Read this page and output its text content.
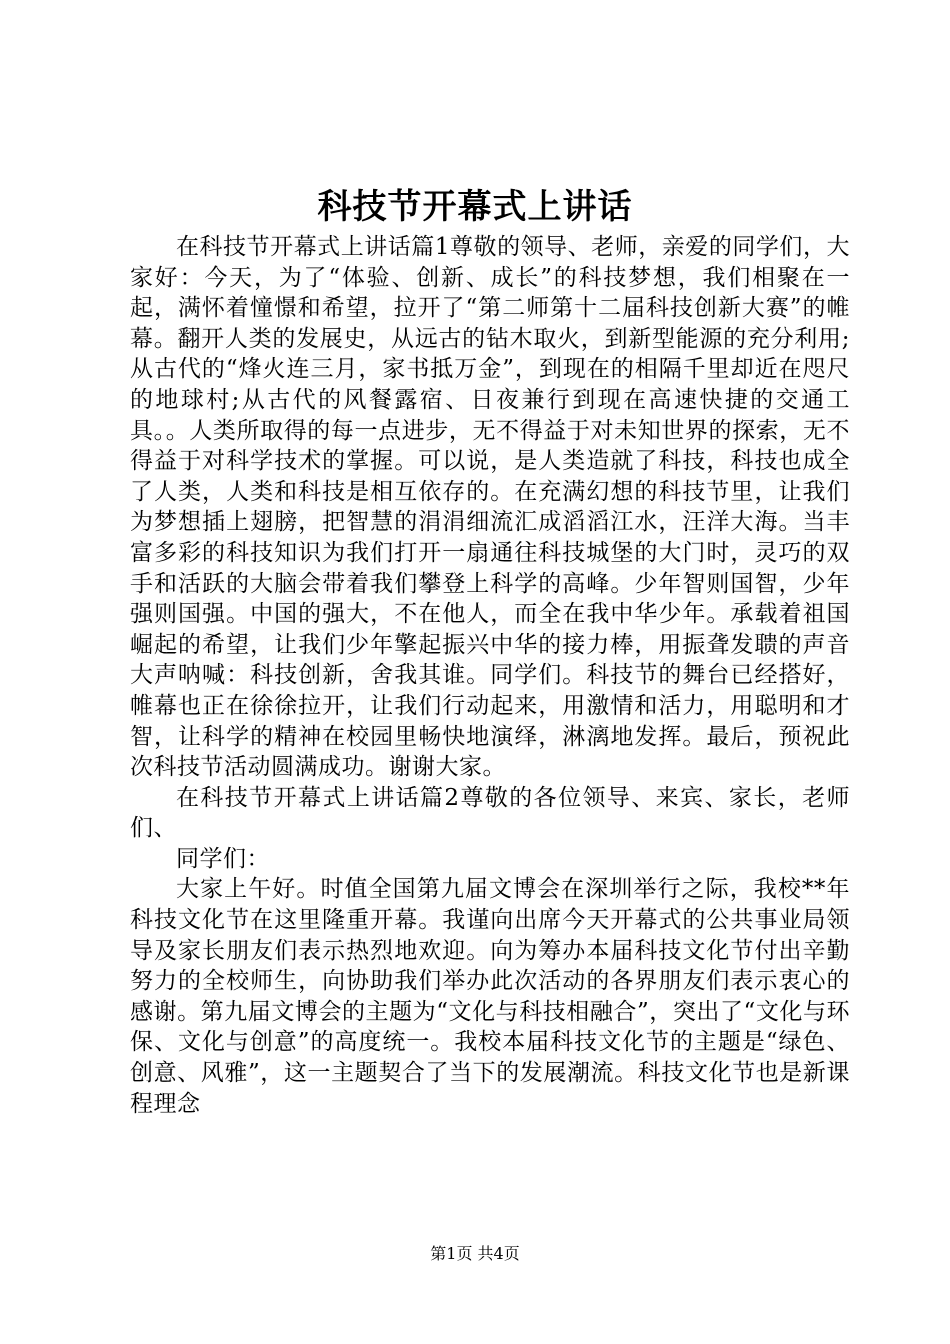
科技节开幕式上讲话

在科技节开幕式上讲话篇1尊敬的领导、老师，亲爱的同学们，大家好：今天，为了“体验、创新、成长”的科技梦想，我们相聚在一起，满怀着憧憬和希望，拉开了“第二师第十二届科技创新大赛”的帷幕。翻开人类的发展史，从远古的钻木取火，到新型能源的充分利用;从古代的“烽火连三月，家书抵万金”，到现在的相隔千里却近在咫尺的地球村;从古代的风餐露宿、日夜兼行到现在高速快捷的交通工具。。人类所取得的每一点进步，无不得益于对未知世界的探索，无不得益于对科学技术的掌握。可以说，是人类造就了科技，科技也成全了人类，人类和科技是相互依存的。在充满幻想的科技节里，让我们为梦想插上翅膀，把智慧的涓涓细流汇成滔滔江水，汪洋大海。当丰富多彩的科技知识为我们打开一扇通往科技城堡的大门时，灵巧的双手和活跃的大脑会带着我们攀登上科学的高峰。少年智则国智，少年强则国强。中国的强大，不在他人，而全在我中华少年。承载着祖国崛起的希望，让我们少年擎起振兴中华的接力棒，用振聋发聩的声音大声呐喊：科技创新，舍我其谁。同学们。科技节的舞台已经搭好，帷幕也正在徐徐拉开，让我们行动起来，用激情和活力，用聪明和才智，让科学的精神在校园里畅快地演绎，淋漓地发挥。最后，预祝此次科技节活动圆满成功。谢谢大家。

在科技节开幕式上讲话篇2尊敬的各位领导、来宾、家长，老师们、

同学们：

大家上午好。时值全国第九届文博会在深圳举行之际，我校**年科技文化节在这里隆重开幕。我谨向出席今天开幕式的公共事业局领导及家长朋友们表示热烈地欢迎。向为筹办本届科技文化节付出辛勤努力的全校师生，向协助我们举办此次活动的各界朋友们表示衷心的感谢。第九届文博会的主题为“文化与科技相融合”，突出了“文化与环保、文化与创意”的高度统一。我校本届科技文化节的主题是“绿色、创意、风雅”，这一主题契合了当下的发展潮流。科技文化节也是新课程理念

第1页 共4页
